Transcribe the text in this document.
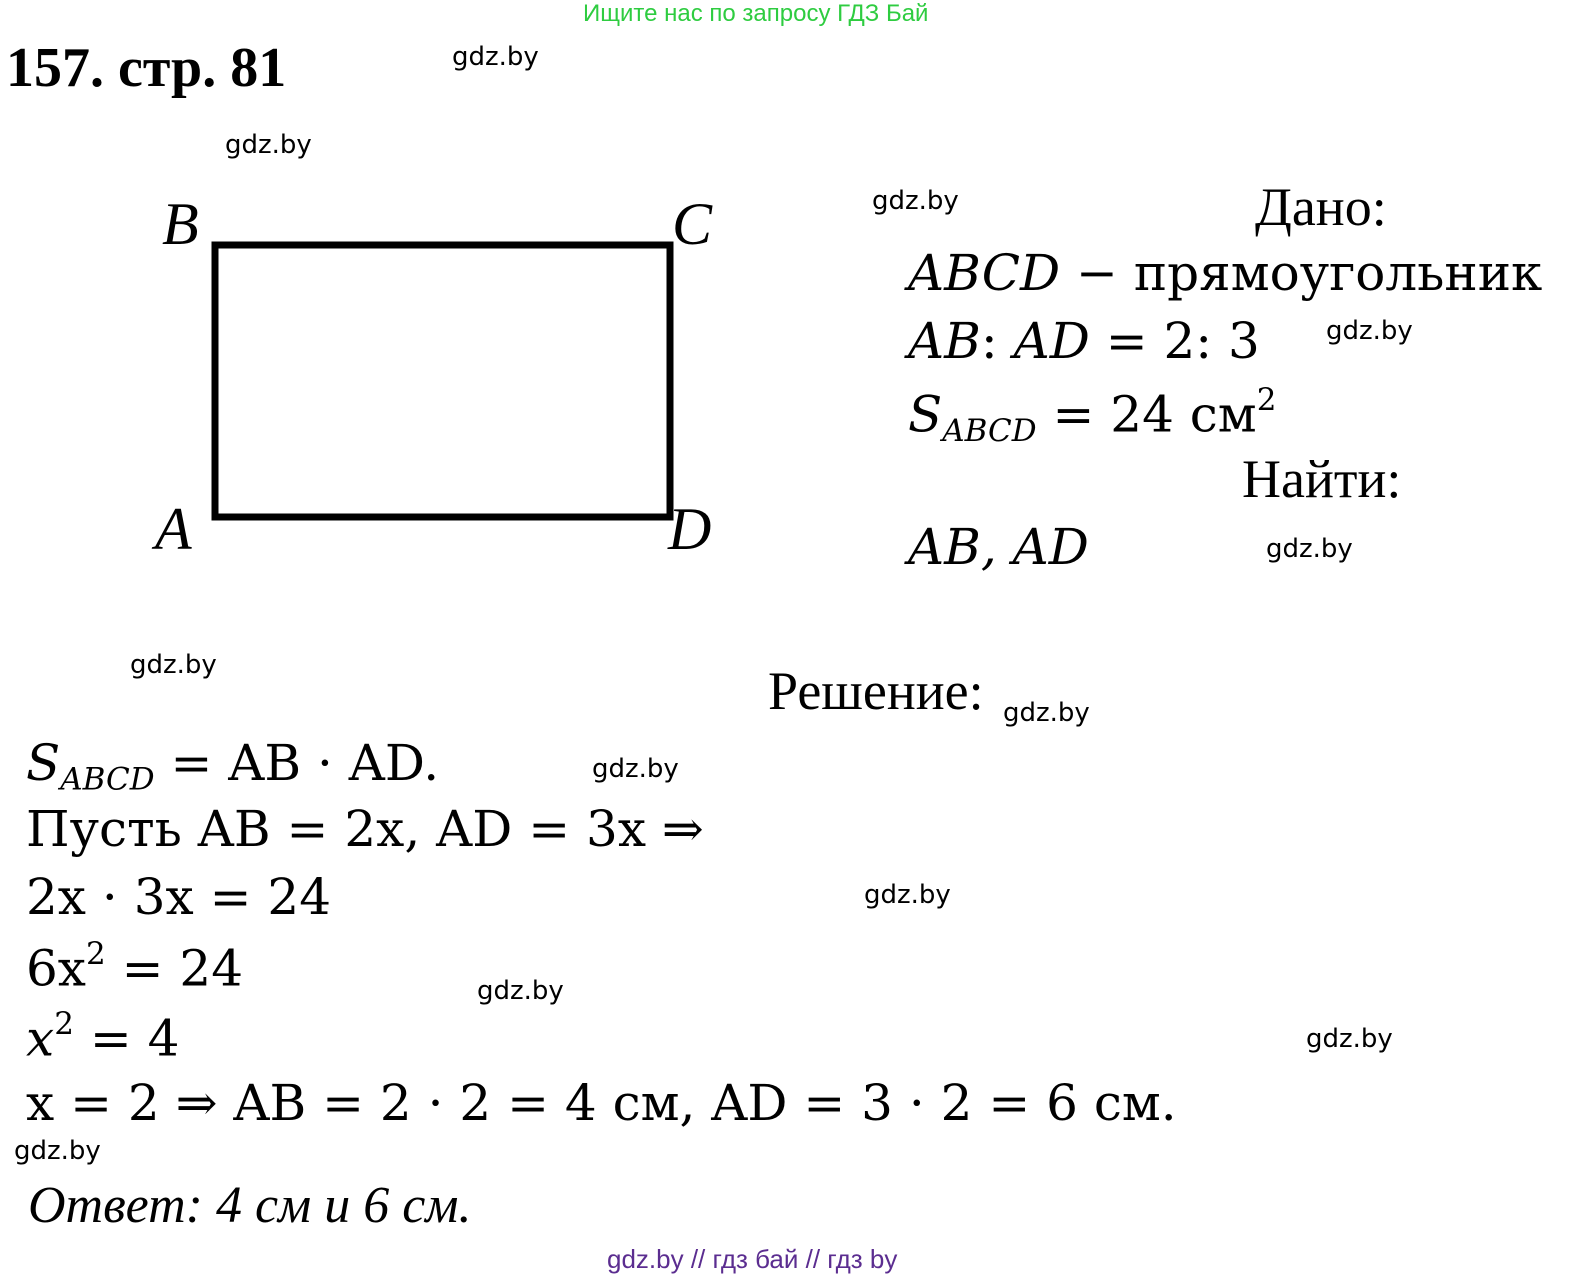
Ищите нас по запросу ГДЗ Бай
157. стр. 81	gdz.by
gdz.by
gdz.by
gdz.by
gdz.by
gdz.by
gdz.by
gdz.by
gdz.by
gdz.by
gdz.by
gdz.by
B	C
A	D
Дано:
ABCD − прямоугольник
AB: AD = 2: 3
$S_{ABCD} = 24$ $см^2$
Найти:
AB, AD
Решение:
$S_{ABCD}$ = AB · AD.
Пусть AB = 2x, AD = 3x ⇒
2x · 3x = 24
$6x^2 = 24$
$x^2 = 4$
x = 2 ⇒ AB = 2 · 2 = 4 см, AD = 3 · 2 = 6 см.
Ответ: 4 см и 6 см.
gdz.by // гдз бай // гдз by
